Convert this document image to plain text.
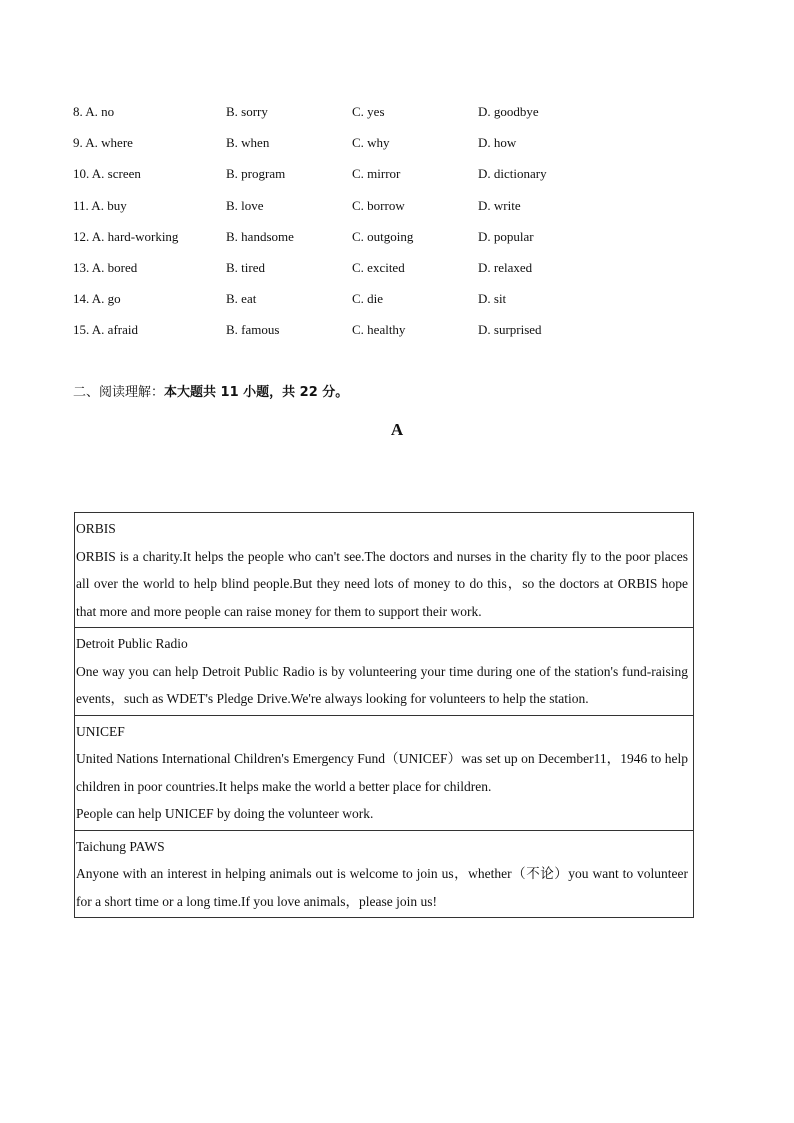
8. A. no	B. sorry	C. yes	D. goodbye
9. A. where	B. when	C. why	D. how
10. A. screen	B. program	C. mirror	D. dictionary
11. A. buy	B. love	C. borrow	D. write
12. A. hard-working	B. handsome	C. outgoing	D. popular
13. A. bored	B. tired	C. excited	D. relaxed
14. A. go	B. eat	C. die	D. sit
15. A. afraid	B. famous	C. healthy	D. surprised
二、阅读理解：本大题共 11 小题，共 22 分。
A

ORBIS

ORBIS is a charity.It helps the people who can't see.The doctors and nurses in the charity fly to the poor places all over the world to help blind people.But they need lots of money to do this，so the doctors at ORBIS hope that more and more people can raise money for them to support their work.

Detroit Public Radio

One way you can help Detroit Public Radio is by volunteering your time during one of the station's fund-raising events，such as WDET's Pledge Drive.We're always looking for volunteers to help the station.

UNICEF

United Nations International Children's Emergency Fund（UNICEF）was set up on December11，1946 to help children in poor countries.It helps make the world a better place for children.

People can help UNICEF by doing the volunteer work.

Taichung PAWS

Anyone with an interest in helping animals out is welcome to join us，whether（不论）you want to volunteer for a short time or a long time.If you love animals，please join us!
